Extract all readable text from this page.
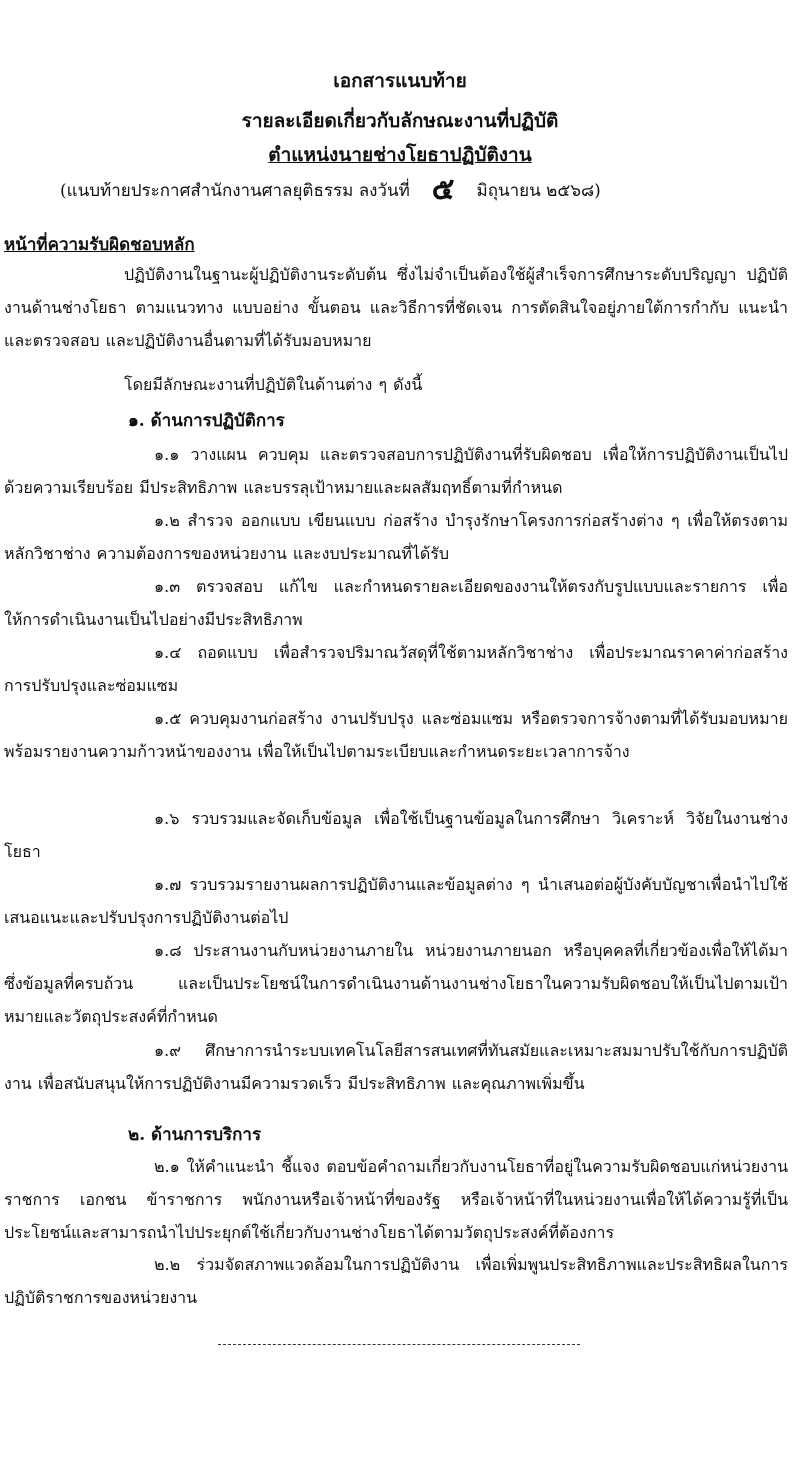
เอกสารแนบท้าย
รายละเอียดเกี่ยวกับลักษณะงานที่ปฏิบัติ
ตำแหน่งนายช่างโยธาปฏิบัติงาน
(แนบท้ายประกาศสำนักงานศาลยุติธรรม ลงวันที่ ๕ มิถุนายน ๒๕๖๘)
หน้าที่ความรับผิดชอบหลัก
ปฏิบัติงานในฐานะผู้ปฏิบัติงานระดับต้น ซึ่งไม่จำเป็นต้องใช้ผู้สำเร็จการศึกษาระดับปริญญา ปฏิบัติงานด้านช่างโยธา ตามแนวทาง แบบอย่าง ขั้นตอน และวิธีการที่ชัดเจน การตัดสินใจอยู่ภายใต้การกำกับ แนะนำ และตรวจสอบ และปฏิบัติงานอื่นตามที่ได้รับมอบหมาย
โดยมีลักษณะงานที่ปฏิบัติในด้านต่าง ๆ ดังนี้
๑. ด้านการปฏิบัติการ
๑.๑ วางแผน ควบคุม และตรวจสอบการปฏิบัติงานที่รับผิดชอบ เพื่อให้การปฏิบัติงานเป็นไปด้วยความเรียบร้อย มีประสิทธิภาพ และบรรลุเป้าหมายและผลสัมฤทธิ์ตามที่กำหนด
๑.๒ สำรวจ ออกแบบ เขียนแบบ ก่อสร้าง บำรุงรักษาโครงการก่อสร้างต่าง ๆ เพื่อให้ตรงตามหลักวิชาช่าง ความต้องการของหน่วยงาน และงบประมาณที่ได้รับ
๑.๓ ตรวจสอบ แก้ไข และกำหนดรายละเอียดของงานให้ตรงกับรูปแบบและรายการ เพื่อให้การดำเนินงานเป็นไปอย่างมีประสิทธิภาพ
๑.๔ ถอดแบบ เพื่อสำรวจปริมาณวัสดุที่ใช้ตามหลักวิชาช่าง เพื่อประมาณราคาค่าก่อสร้าง การปรับปรุงและซ่อมแซม
๑.๕ ควบคุมงานก่อสร้าง งานปรับปรุง และซ่อมแซม หรือตรวจการจ้างตามที่ได้รับมอบหมาย พร้อมรายงานความก้าวหน้าของงาน เพื่อให้เป็นไปตามระเบียบและกำหนดระยะเวลาการจ้าง
๑.๖ รวบรวมและจัดเก็บข้อมูล เพื่อใช้เป็นฐานข้อมูลในการศึกษา วิเคราะห์ วิจัยในงานช่างโยธา
๑.๗ รวบรวมรายงานผลการปฏิบัติงานและข้อมูลต่าง ๆ นำเสนอต่อผู้บังคับบัญชาเพื่อนำไปใช้เสนอแนะและปรับปรุงการปฏิบัติงานต่อไป
๑.๘ ประสานงานกับหน่วยงานภายใน หน่วยงานภายนอก หรือบุคคลที่เกี่ยวข้องเพื่อให้ได้มาซึ่งข้อมูลที่ครบถ้วน และเป็นประโยชน์ในการดำเนินงานด้านงานช่างโยธาในความรับผิดชอบให้เป็นไปตามเป้าหมายและวัตถุประสงค์ที่กำหนด
๑.๙ ศึกษาการนำระบบเทคโนโลยีสารสนเทศที่ทันสมัยและเหมาะสมมาปรับใช้กับการปฏิบัติงาน เพื่อสนับสนุนให้การปฏิบัติงานมีความรวดเร็ว มีประสิทธิภาพ และคุณภาพเพิ่มขึ้น
๒. ด้านการบริการ
๒.๑ ให้คำแนะนำ ชี้แจง ตอบข้อคำถามเกี่ยวกับงานโยธาที่อยู่ในความรับผิดชอบแก่หน่วยงานราชการ เอกชน ข้าราชการ พนักงานหรือเจ้าหน้าที่ของรัฐ หรือเจ้าหน้าที่ในหน่วยงานเพื่อให้ได้ความรู้ที่เป็นประโยชน์และสามารถนำไปประยุกต์ใช้เกี่ยวกับงานช่างโยธาได้ตามวัตถุประสงค์ที่ต้องการ
๒.๒ ร่วมจัดสภาพแวดล้อมในการปฏิบัติงาน เพื่อเพิ่มพูนประสิทธิภาพและประสิทธิผลในการปฏิบัติราชการของหน่วยงาน
